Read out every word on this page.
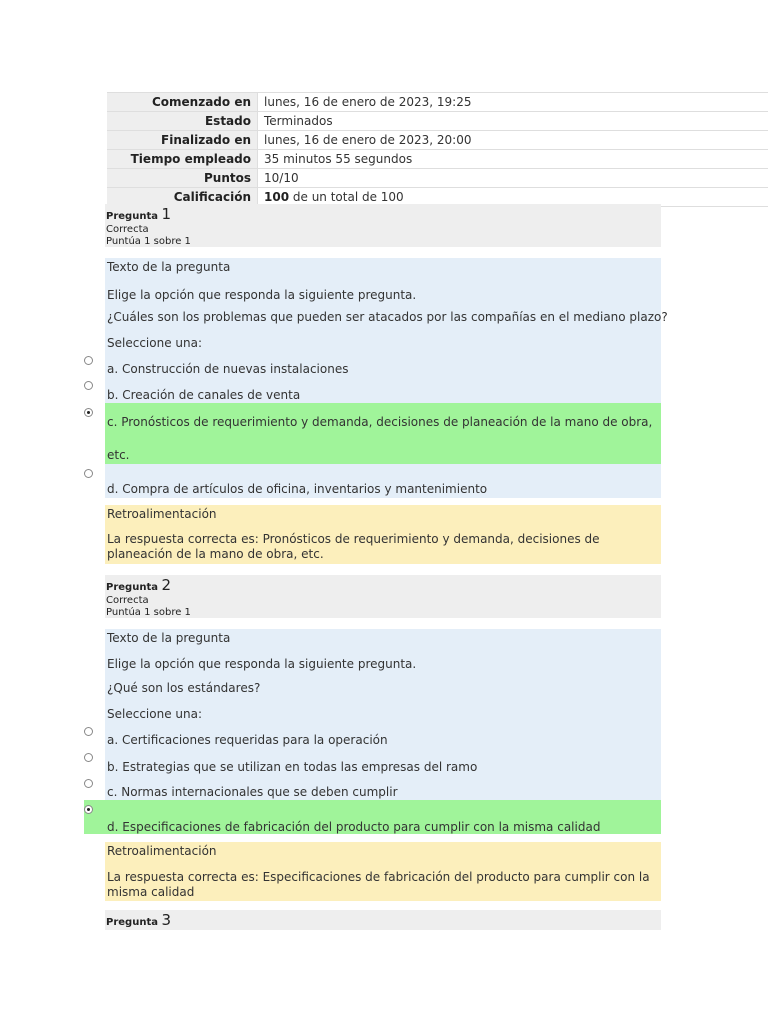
Comenzado en	lunes, 16 de enero de 2023, 19:25
Estado	Terminados
Finalizado en	lunes, 16 de enero de 2023, 20:00
Tiempo empleado	35 minutos 55 segundos
Puntos	10/10
Calificación	100 de un total de 100
Pregunta 1
Correcta
Puntúa 1 sobre 1
Texto de la pregunta
Elige la opción que responda la siguiente pregunta.
¿Cuáles son los problemas que pueden ser atacados por las compañías en el mediano plazo?
Seleccione una:
a. Construcción de nuevas instalaciones
b. Creación de canales de venta
c. Pronósticos de requerimiento y demanda, decisiones de planeación de la mano de obra,
etc.
d. Compra de artículos de oficina, inventarios y mantenimiento
Retroalimentación
La respuesta correcta es: Pronósticos de requerimiento y demanda, decisiones de planeación de la mano de obra, etc.
Pregunta 2
Correcta
Puntúa 1 sobre 1
Texto de la pregunta
Elige la opción que responda la siguiente pregunta.
¿Qué son los estándares?
Seleccione una:
a. Certificaciones requeridas para la operación
b. Estrategias que se utilizan en todas las empresas del ramo
c. Normas internacionales que se deben cumplir
d. Especificaciones de fabricación del producto para cumplir con la misma calidad
Retroalimentación
La respuesta correcta es: Especificaciones de fabricación del producto para cumplir con la misma calidad
Pregunta 3
